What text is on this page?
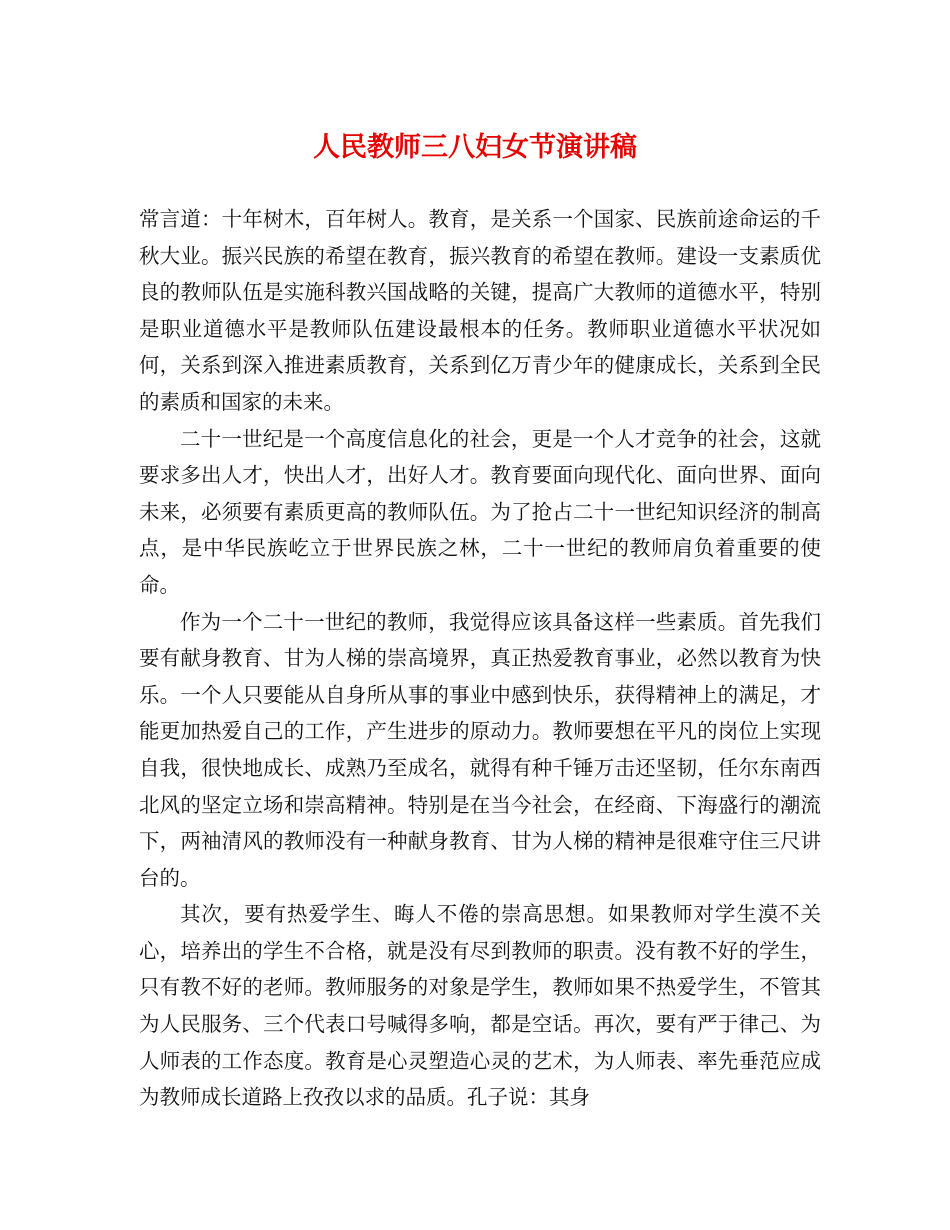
人民教师三八妇女节演讲稿

常言道：十年树木，百年树人。教育，是关系一个国家、民族前途命运的千秋大业。振兴民族的希望在教育，振兴教育的希望在教师。建设一支素质优良的教师队伍是实施科教兴国战略的关键，提高广大教师的道德水平，特别是职业道德水平是教师队伍建设最根本的任务。教师职业道德水平状况如何，关系到深入推进素质教育，关系到亿万青少年的健康成长，关系到全民的素质和国家的未来。

二十一世纪是一个高度信息化的社会，更是一个人才竞争的社会，这就要求多出人才，快出人才，出好人才。教育要面向现代化、面向世界、面向未来，必须要有素质更高的教师队伍。为了抢占二十一世纪知识经济的制高点，是中华民族屹立于世界民族之林，二十一世纪的教师肩负着重要的使命。

作为一个二十一世纪的教师，我觉得应该具备这样一些素质。首先我们要有献身教育、甘为人梯的崇高境界，真正热爱教育事业，必然以教育为快乐。一个人只要能从自身所从事的事业中感到快乐，获得精神上的满足，才能更加热爱自己的工作，产生进步的原动力。教师要想在平凡的岗位上实现自我，很快地成长、成熟乃至成名，就得有种千锤万击还坚韧，任尔东南西北风的坚定立场和崇高精神。特别是在当今社会，在经商、下海盛行的潮流下，两袖清风的教师没有一种献身教育、甘为人梯的精神是很难守住三尺讲台的。

其次，要有热爱学生、晦人不倦的崇高思想。如果教师对学生漠不关心，培养出的学生不合格，就是没有尽到教师的职责。没有教不好的学生，只有教不好的老师。教师服务的对象是学生，教师如果不热爱学生，不管其为人民服务、三个代表口号喊得多响，都是空话。再次，要有严于律己、为人师表的工作态度。教育是心灵塑造心灵的艺术，为人师表、率先垂范应成为教师成长道路上孜孜以求的品质。孔子说：其身
